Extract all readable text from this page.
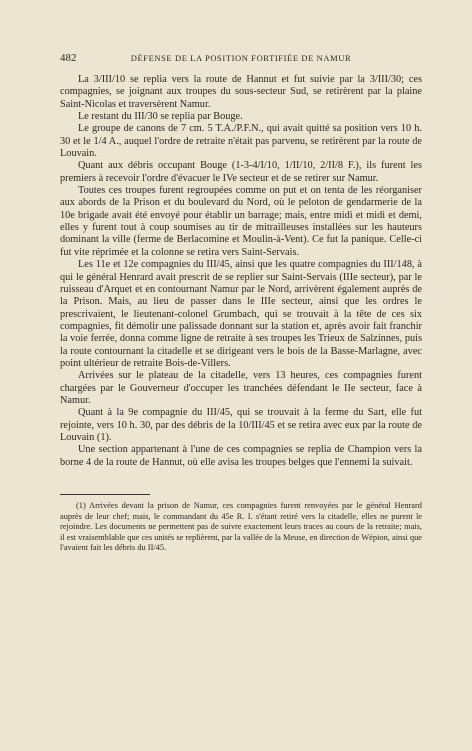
482	DÉFENSE DE LA POSITION FORTIFIÉE DE NAMUR

La 3/III/10 se replia vers la route de Hannut et fut suivie par la 3/III/30; ces compagnies, se joignant aux troupes du sous-secteur Sud, se retirèrent par la plaine Saint-Nicolas et traversèrent Namur.

Le restant du III/30 se replia par Bouge.

Le groupe de canons de 7 cm. 5 T.A./P.F.N., qui avait quitté sa position vers 10 h. 30 et le 1/4 A., auquel l'ordre de retraite n'était pas parvenu, se retirèrent par la route de Louvain.

Quant aux débris occupant Bouge (1-3-4/I/10, 1/II/10, 2/II/8 F.), ils furent les premiers à recevoir l'ordre d'évacuer le IVe secteur et de se retirer sur Namur.

Toutes ces troupes furent regroupées comme on put et on tenta de les réorganiser aux abords de la Prison et du boulevard du Nord, où le peloton de gendarmerie de la 10e brigade avait été envoyé pour établir un barrage; mais, entre midi et midi et demi, elles y furent tout à coup soumises au tir de mitrailleuses installées sur les hauteurs dominant la ville (ferme de Berlacomine et Moulin-à-Vent). Ce fut la panique. Celle-ci fut vite réprimée et la colonne se retira vers Saint-Servais.

Les 11e et 12e compagnies du III/45, ainsi que les quatre compagnies du III/148, à qui le général Henrard avait prescrit de se replier sur Saint-Servais (IIIe secteur), par le ruisseau d'Arquet et en contournant Namur par le Nord, arrivèrent également auprès de la Prison. Mais, au lieu de passer dans le IIIe secteur, ainsi que les ordres le prescrivaient, le lieutenant-colonel Grumbach, qui se trouvait à la tête de ces six compagnies, fit démolir une palissade donnant sur la station et, après avoir fait franchir la voie ferrée, donna comme ligne de retraite à ses troupes les Trieux de Salzinnes, puis la route contournant la citadelle et se dirigeant vers le bois de la Basse-Marlagne, avec point ultérieur de retraite Bois-de-Villers.

Arrivées sur le plateau de la citadelle, vers 13 heures, ces compagnies furent chargées par le Gouverneur d'occuper les tranchées défendant le IIe secteur, face à Namur.

Quant à la 9e compagnie du III/45, qui se trouvait à la ferme du Sart, elle fut rejointe, vers 10 h. 30, par des débris de la 10/III/45 et se retira avec eux par la route de Louvain (1).

Une section appartenant à l'une de ces compagnies se replia de Champion vers la borne 4 de la route de Hannut, où elle avisa les troupes belges que l'ennemi la suivait.

(1) Arrivées devant la prison de Namur, ces compagnies furent renvoyées par le général Henrard auprès de leur chef; mais, le commandant du 45e R. I. s'étant retiré vers la citadelle, elles ne purent le rejoindre. Les documents ne permettent pas de suivre exactement leurs traces au cours de la retraite; mais, il est vraisemblable que ces unités se replièrent, par la vallée de la Meuse, en direction de Wépion, ainsi que l'avaient fait les débris du II/45.
